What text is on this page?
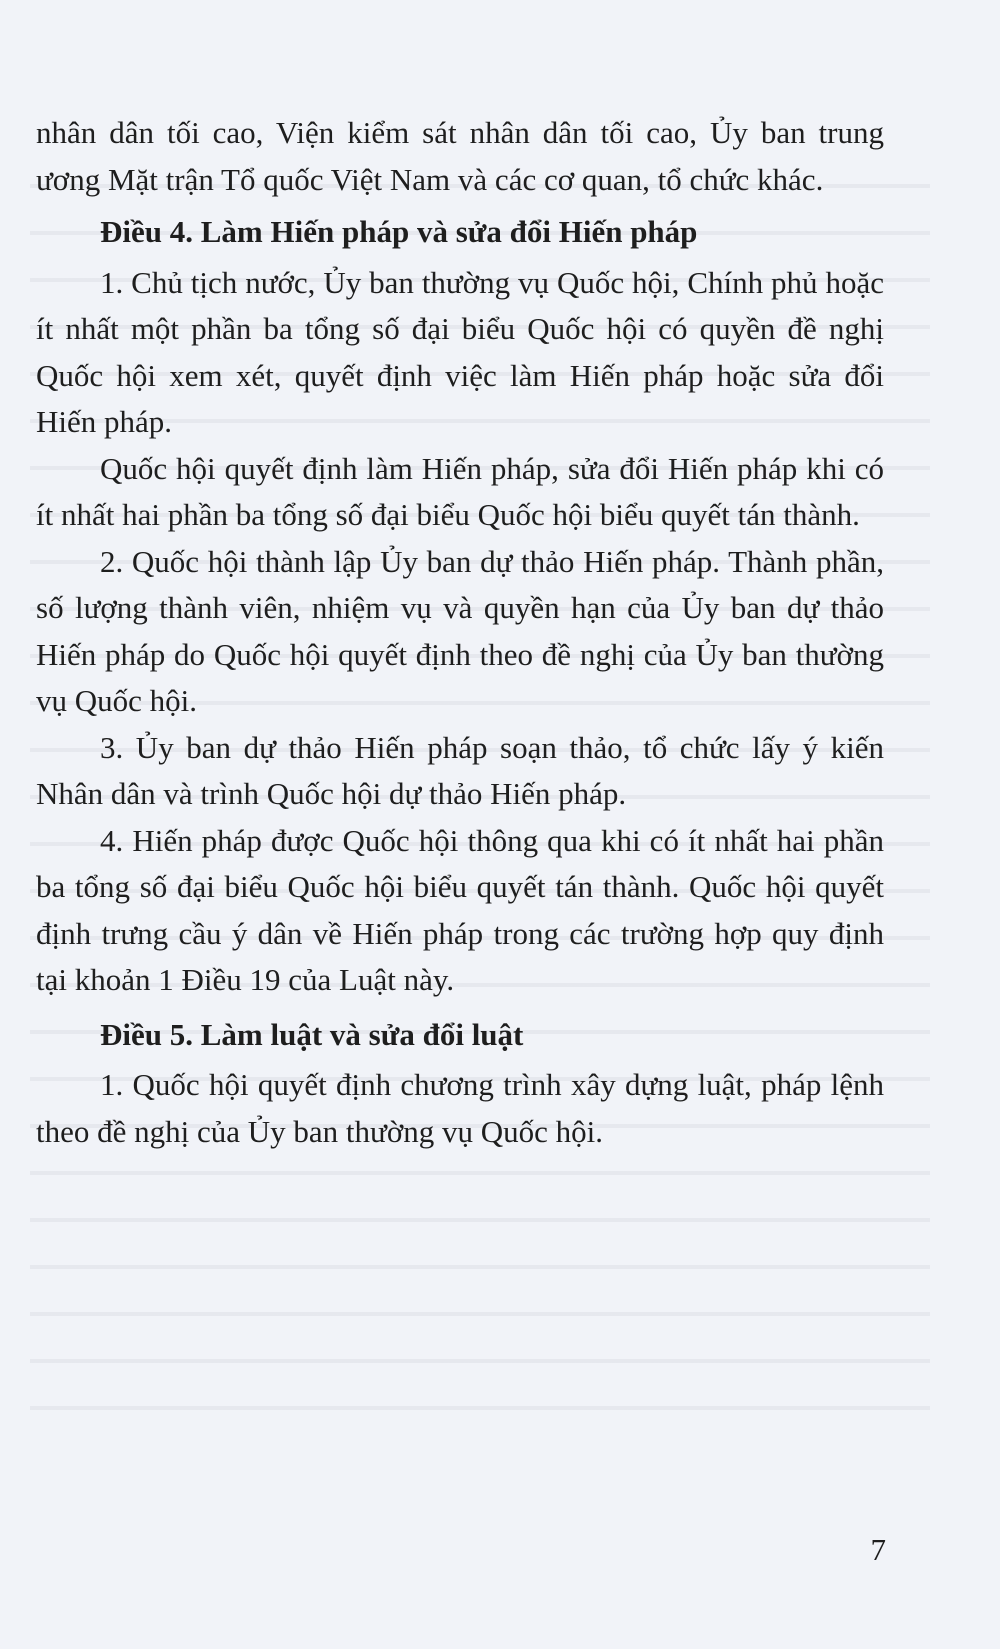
nhân dân tối cao, Viện kiểm sát nhân dân tối cao, Ủy ban trung ương Mặt trận Tổ quốc Việt Nam và các cơ quan, tổ chức khác.

Điều 4. Làm Hiến pháp và sửa đổi Hiến pháp

1. Chủ tịch nước, Ủy ban thường vụ Quốc hội, Chính phủ hoặc ít nhất một phần ba tổng số đại biểu Quốc hội có quyền đề nghị Quốc hội xem xét, quyết định việc làm Hiến pháp hoặc sửa đổi Hiến pháp.

Quốc hội quyết định làm Hiến pháp, sửa đổi Hiến pháp khi có ít nhất hai phần ba tổng số đại biểu Quốc hội biểu quyết tán thành.

2. Quốc hội thành lập Ủy ban dự thảo Hiến pháp. Thành phần, số lượng thành viên, nhiệm vụ và quyền hạn của Ủy ban dự thảo Hiến pháp do Quốc hội quyết định theo đề nghị của Ủy ban thường vụ Quốc hội.

3. Ủy ban dự thảo Hiến pháp soạn thảo, tổ chức lấy ý kiến Nhân dân và trình Quốc hội dự thảo Hiến pháp.

4. Hiến pháp được Quốc hội thông qua khi có ít nhất hai phần ba tổng số đại biểu Quốc hội biểu quyết tán thành. Quốc hội quyết định trưng cầu ý dân về Hiến pháp trong các trường hợp quy định tại khoản 1 Điều 19 của Luật này.

Điều 5. Làm luật và sửa đổi luật

1. Quốc hội quyết định chương trình xây dựng luật, pháp lệnh theo đề nghị của Ủy ban thường vụ Quốc hội.

7
